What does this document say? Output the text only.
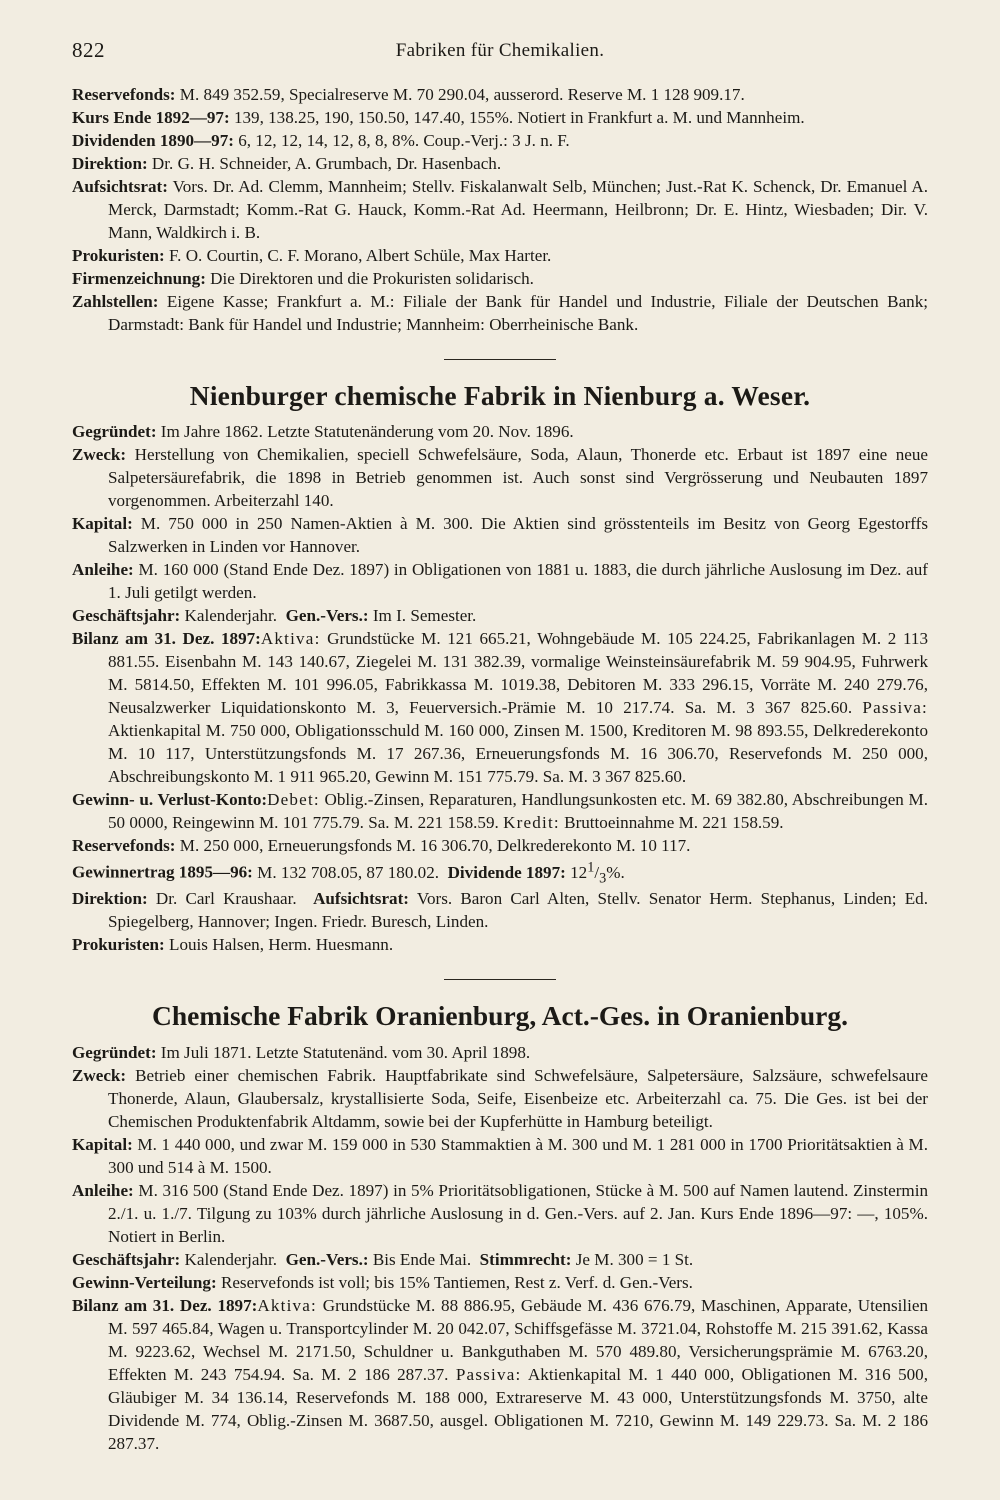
822	Fabriken für Chemikalien.

Reservefonds: M. 849 352.59, Specialreserve M. 70 290.04, ausserord. Reserve M. 1 128 909.17.

Kurs Ende 1892—97: 139, 138.25, 190, 150.50, 147.40, 155%. Notiert in Frankfurt a. M. und Mannheim.

Dividenden 1890—97: 6, 12, 12, 14, 12, 8, 8, 8%. Coup.-Verj.: 3 J. n. F.

Direktion: Dr. G. H. Schneider, A. Grumbach, Dr. Hasenbach.

Aufsichtsrat: Vors. Dr. Ad. Clemm, Mannheim; Stellv. Fiskalanwalt Selb, München; Just.-Rat K. Schenck, Dr. Emanuel A. Merck, Darmstadt; Komm.-Rat G. Hauck, Komm.-Rat Ad. Heermann, Heilbronn; Dr. E. Hintz, Wiesbaden; Dir. V. Mann, Waldkirch i. B.

Prokuristen: F. O. Courtin, C. F. Morano, Albert Schüle, Max Harter.

Firmenzeichnung: Die Direktoren und die Prokuristen solidarisch.

Zahlstellen: Eigene Kasse; Frankfurt a. M.: Filiale der Bank für Handel und Industrie, Filiale der Deutschen Bank; Darmstadt: Bank für Handel und Industrie; Mannheim: Oberrheinische Bank.

Nienburger chemische Fabrik in Nienburg a. Weser.

Gegründet: Im Jahre 1862. Letzte Statutenänderung vom 20. Nov. 1896.

Zweck: Herstellung von Chemikalien, speciell Schwefelsäure, Soda, Alaun, Thonerde etc. Erbaut ist 1897 eine neue Salpetersäurefabrik, die 1898 in Betrieb genommen ist. Auch sonst sind Vergrösserung und Neubauten 1897 vorgenommen. Arbeiterzahl 140.

Kapital: M. 750 000 in 250 Namen-Aktien à M. 300. Die Aktien sind grösstenteils im Besitz von Georg Egestorffs Salzwerken in Linden vor Hannover.

Anleihe: M. 160 000 (Stand Ende Dez. 1897) in Obligationen von 1881 u. 1883, die durch jährliche Auslosung im Dez. auf 1. Juli getilgt werden.

Geschäftsjahr: Kalenderjahr.  Gen.-Vers.: Im I. Semester.

Bilanz am 31. Dez. 1897:Aktiva: Grundstücke M. 121 665.21, Wohngebäude M. 105 224.25, Fabrikanlagen M. 2 113 881.55. Eisenbahn M. 143 140.67, Ziegelei M. 131 382.39, vormalige Weinsteinsäurefabrik M. 59 904.95, Fuhrwerk M. 5814.50, Effekten M. 101 996.05, Fabrikkassa M. 1019.38, Debitoren M. 333 296.15, Vorräte M. 240 279.76, Neusalzwerker Liquidationskonto M. 3, Feuerversich.-Prämie M. 10 217.74. Sa. M. 3 367 825.60. Passiva: Aktienkapital M. 750 000, Obligationsschuld M. 160 000, Zinsen M. 1500, Kreditoren M. 98 893.55, Delkrederekonto M. 10 117, Unterstützungsfonds M. 17 267.36, Erneuerungsfonds M. 16 306.70, Reservefonds M. 250 000, Abschreibungskonto M. 1 911 965.20, Gewinn M. 151 775.79. Sa. M. 3 367 825.60.

Gewinn- u. Verlust-Konto:Debet: Oblig.-Zinsen, Reparaturen, Handlungsunkosten etc. M. 69 382.80, Abschreibungen M. 50 0000, Reingewinn M. 101 775.79. Sa. M. 221 158.59. Kredit: Bruttoeinnahme M. 221 158.59.

Reservefonds: M. 250 000, Erneuerungsfonds M. 16 306.70, Delkrederekonto M. 10 117.

Gewinnertrag 1895—96: M. 132 708.05, 87 180.02.  Dividende 1897: $12^1/_3\%$.

Direktion: Dr. Carl Kraushaar.  Aufsichtsrat: Vors. Baron Carl Alten, Stellv. Senator Herm. Stephanus, Linden; Ed. Spiegelberg, Hannover; Ingen. Friedr. Buresch, Linden.

Prokuristen: Louis Halsen, Herm. Huesmann.

Chemische Fabrik Oranienburg, Act.-Ges. in Oranienburg.

Gegründet: Im Juli 1871. Letzte Statutenänd. vom 30. April 1898.

Zweck: Betrieb einer chemischen Fabrik. Hauptfabrikate sind Schwefelsäure, Salpetersäure, Salzsäure, schwefelsaure Thonerde, Alaun, Glaubersalz, krystallisierte Soda, Seife, Eisenbeize etc. Arbeiterzahl ca. 75. Die Ges. ist bei der Chemischen Produktenfabrik Altdamm, sowie bei der Kupferhütte in Hamburg beteiligt.

Kapital: M. 1 440 000, und zwar M. 159 000 in 530 Stammaktien à M. 300 und M. 1 281 000 in 1700 Prioritätsaktien à M. 300 und 514 à M. 1500.

Anleihe: M. 316 500 (Stand Ende Dez. 1897) in 5% Prioritätsobligationen, Stücke à M. 500 auf Namen lautend. Zinstermin 2./1. u. 1./7. Tilgung zu 103% durch jährliche Auslosung in d. Gen.-Vers. auf 2. Jan. Kurs Ende 1896—97: —, 105%. Notiert in Berlin.

Geschäftsjahr: Kalenderjahr.  Gen.-Vers.: Bis Ende Mai.  Stimmrecht: Je M. 300 = 1 St.

Gewinn-Verteilung: Reservefonds ist voll; bis 15% Tantiemen, Rest z. Verf. d. Gen.-Vers.

Bilanz am 31. Dez. 1897:Aktiva: Grundstücke M. 88 886.95, Gebäude M. 436 676.79, Maschinen, Apparate, Utensilien M. 597 465.84, Wagen u. Transportcylinder M. 20 042.07, Schiffsgefässe M. 3721.04, Rohstoffe M. 215 391.62, Kassa M. 9223.62, Wechsel M. 2171.50, Schuldner u. Bankguthaben M. 570 489.80, Versicherungsprämie M. 6763.20, Effekten M. 243 754.94. Sa. M. 2 186 287.37. Passiva: Aktienkapital M. 1 440 000, Obligationen M. 316 500, Gläubiger M. 34 136.14, Reservefonds M. 188 000, Extrareserve M. 43 000, Unterstützungsfonds M. 3750, alte Dividende M. 774, Oblig.-Zinsen M. 3687.50, ausgel. Obligationen M. 7210, Gewinn M. 149 229.73. Sa. M. 2 186 287.37.
